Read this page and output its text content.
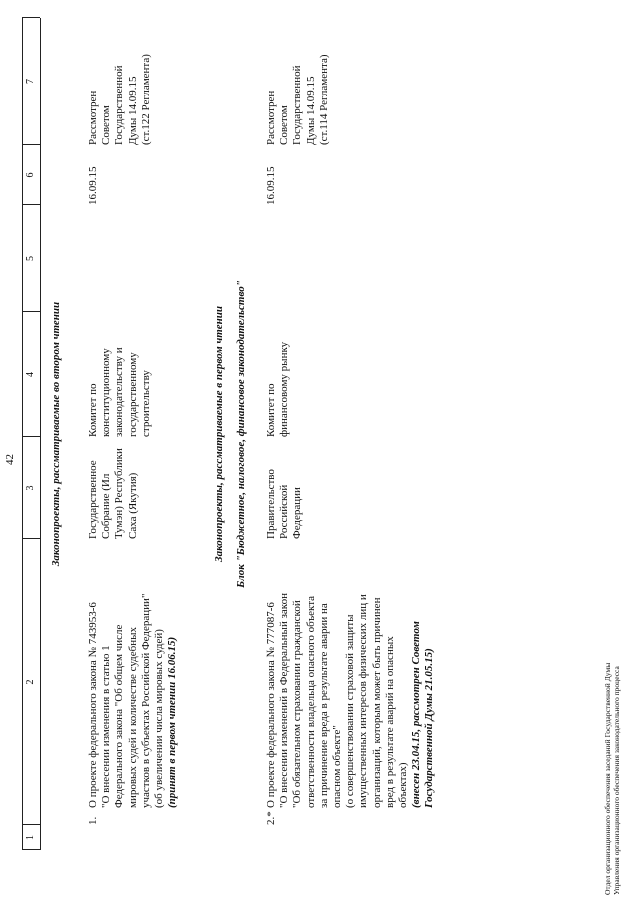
42
1
2
3
4
5
6
7
Законопроекты, рассматриваемые во втором чтении
1.
О проекте федерального закона № 743953-6
"О внесении изменения в статью 1
Федерального закона "Об общем числе
мировых судей и количестве судебных
участков в субъектах Российской Федерации"
(об увеличении числа мировых судей) (принят в первом чтении 16.06.15)
Государственное
Собрание (Ил
Тумэн) Республики
Саха (Якутия)
Комитет по
конституционному
законодательству и
государственному
строительству
16.09.15
Рассмотрен
Советом
Государственной
Думы 14.09.15
(ст.122 Регламента)
Законопроекты, рассматриваемые в первом чтении Блок "Бюджетное, налоговое, финансовое законодательство"
2.*
О проекте федерального закона № 777087-6
"О внесении изменений в Федеральный закон
"Об обязательном страховании гражданской
ответственности владельца опасного объекта
за причинение вреда в результате аварии на
опасном объекте"
(о совершенствовании страховой защиты
имущественных интересов физических лиц и
организаций, которым может быть причинен
вред в результате аварий на опасных
объектах) (внесен 23.04.15, рассмотрен Советом
Государственной Думы 21.05.15)
Правительство
Российской
Федерации
Комитет по
финансовому рынку
16.09.15
Рассмотрен
Советом
Государственной
Думы 14.09.15
(ст.114 Регламента)
Отдел организационного обеспечения заседаний Государственной Думы
Управления организационного обеспечения законодательного процесса
